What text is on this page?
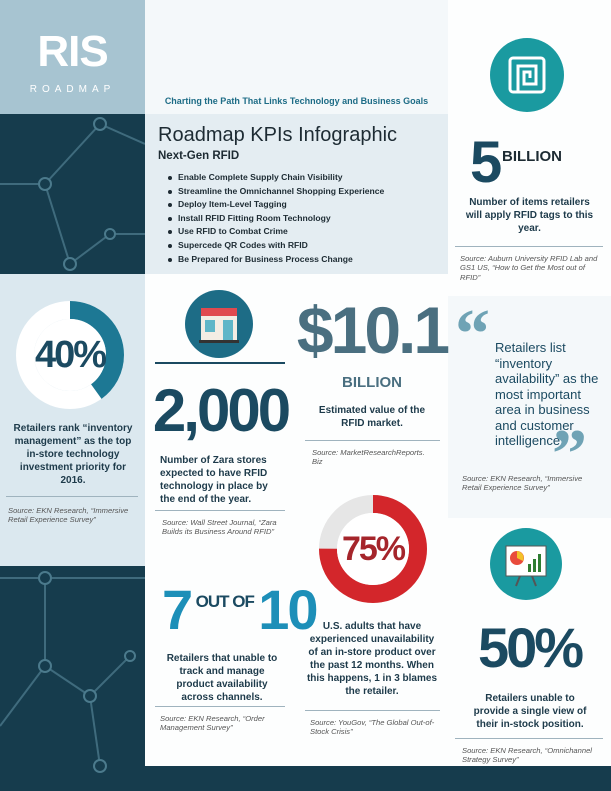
RIS
ROADMAP
Charting the Path That Links Technology and Business Goals
Roadmap KPIs Infographic
Next-Gen RFID
Enable Complete Supply Chain Visibility
Streamline the Omnichannel Shopping Experience
Deploy Item-Level Tagging
Install RFID Fitting Room Technology
Use RFID to Combat Crime
Supercede QR Codes with RFID
Be Prepared for Business Process Change
5 BILLION
Number of items retailers will apply RFID tags to this year.
Source: Auburn University RFID Lab and GS1 US, “How to Get the Most out of RFID”
40%
Retailers rank “inventory management” as the top in-store technology investment priority for 2016.
Source: EKN Research, “Immersive Retail Experience Survey”
2,000
Number of Zara stores expected to have RFID technology in place by the end of the year.
Source: Wall Street Journal, “Zara Builds its Business Around RFID”
$10.1
BILLION
Estimated value of the RFID market.
Source: MarketResearchReports. Biz
“ Retailers list “inventory availability” as the most important area in business and customer intelligence.
”
Source: EKN Research, “Immersive Retail Experience Survey”
7 OUT OF 10
Retailers that unable to track and manage product availability across channels.
Source: EKN Research, “Order Management Survey”
75%
U.S. adults that have experienced unavailability of an in-store product over the past 12 months. When this happens, 1 in 3 blames the retailer.
Source: YouGov, “The Global Out-of-Stock Crisis”
50%
Retailers unable to provide a single view of their in-stock position.
Source: EKN Research, “Omnichannel Strategy Survey”
